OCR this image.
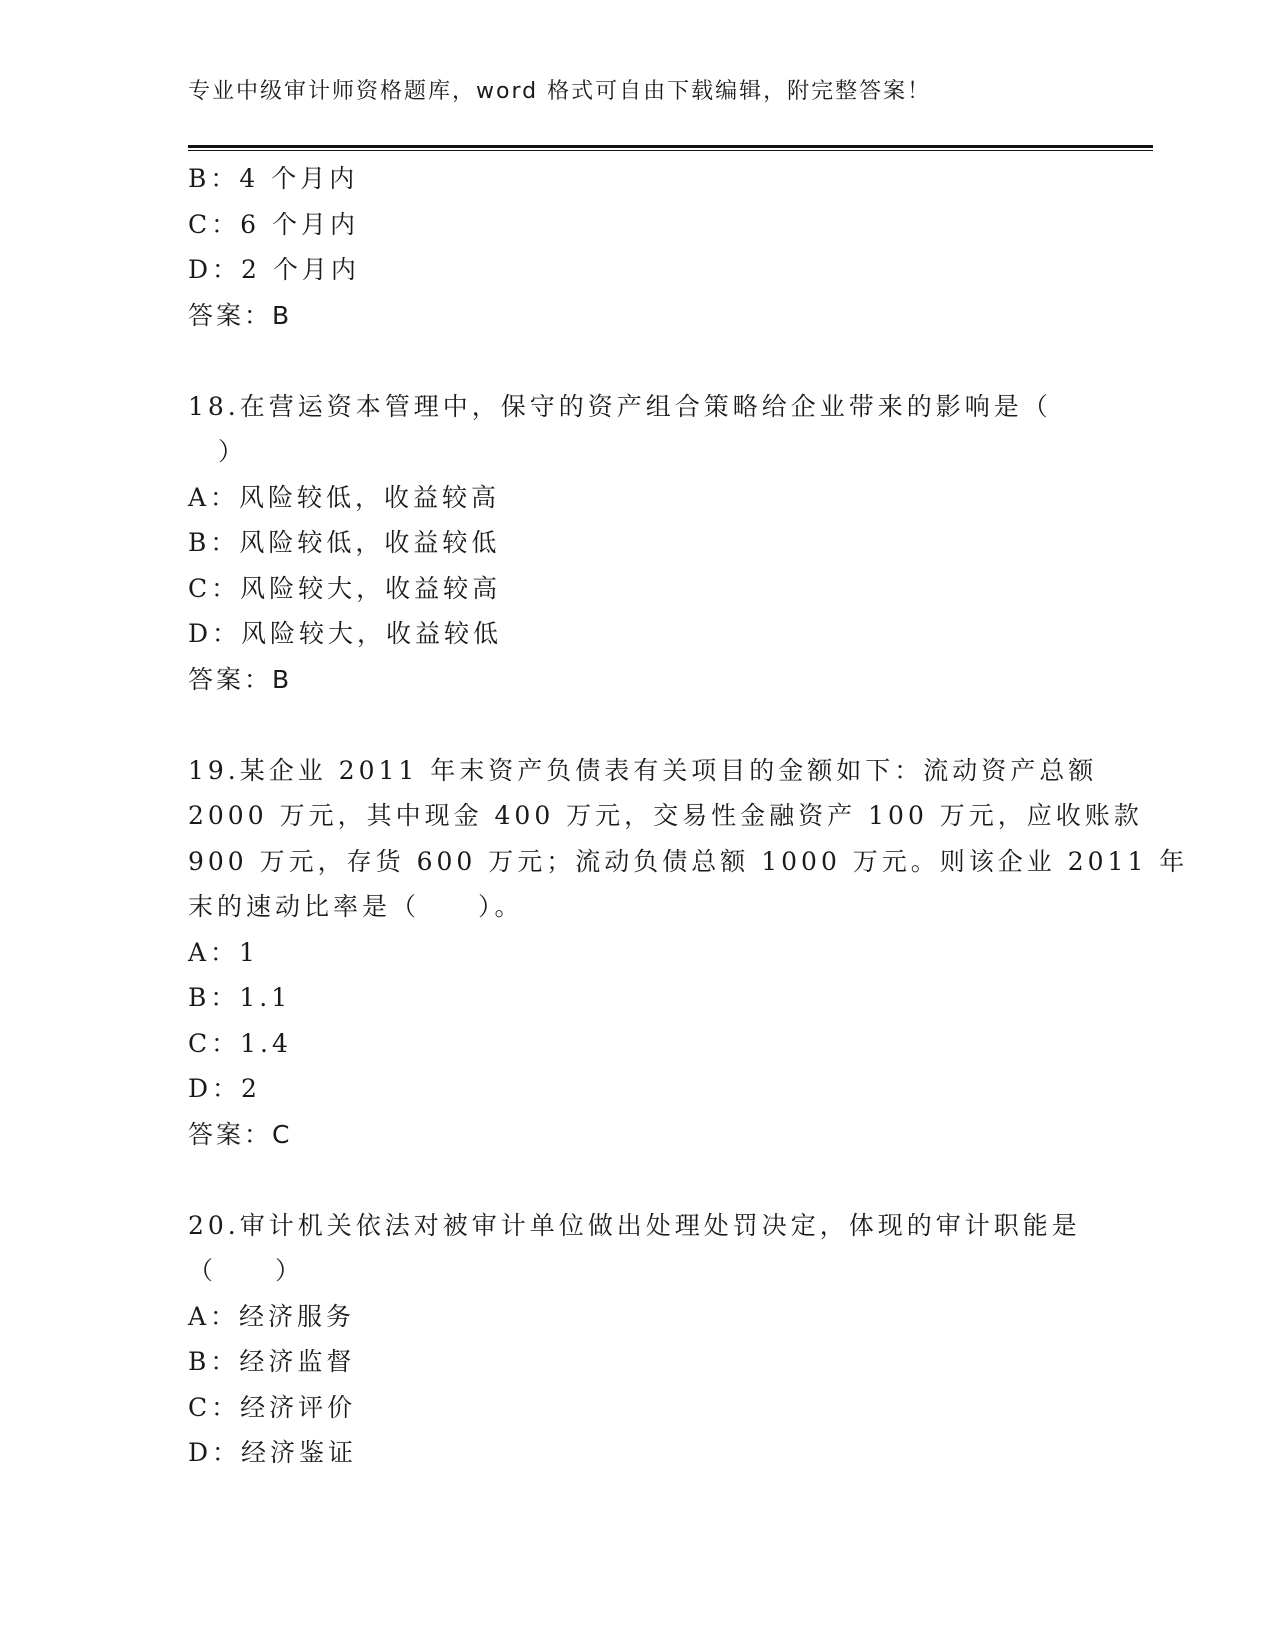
专业中级审计师资格题库，word 格式可自由下载编辑，附完整答案！
B：4 个月内
C：6 个月内
D：2 个月内
答案：B
18.在营运资本管理中，保守的资产组合策略给企业带来的影响是（
）
A：风险较低，收益较高
B：风险较低，收益较低
C：风险较大，收益较高
D：风险较大，收益较低
答案：B
19.某企业 2011 年末资产负债表有关项目的金额如下：流动资产总额
2000 万元，其中现金 400 万元，交易性金融资产 100 万元，应收账款
900 万元，存货 600 万元；流动负债总额 1000 万元。则该企业 2011 年
末的速动比率是（　　）。
A：1
B：1.1
C：1.4
D：2
答案：C
20.审计机关依法对被审计单位做出处理处罚决定，体现的审计职能是
（　　）
A：经济服务
B：经济监督
C：经济评价
D：经济鉴证
